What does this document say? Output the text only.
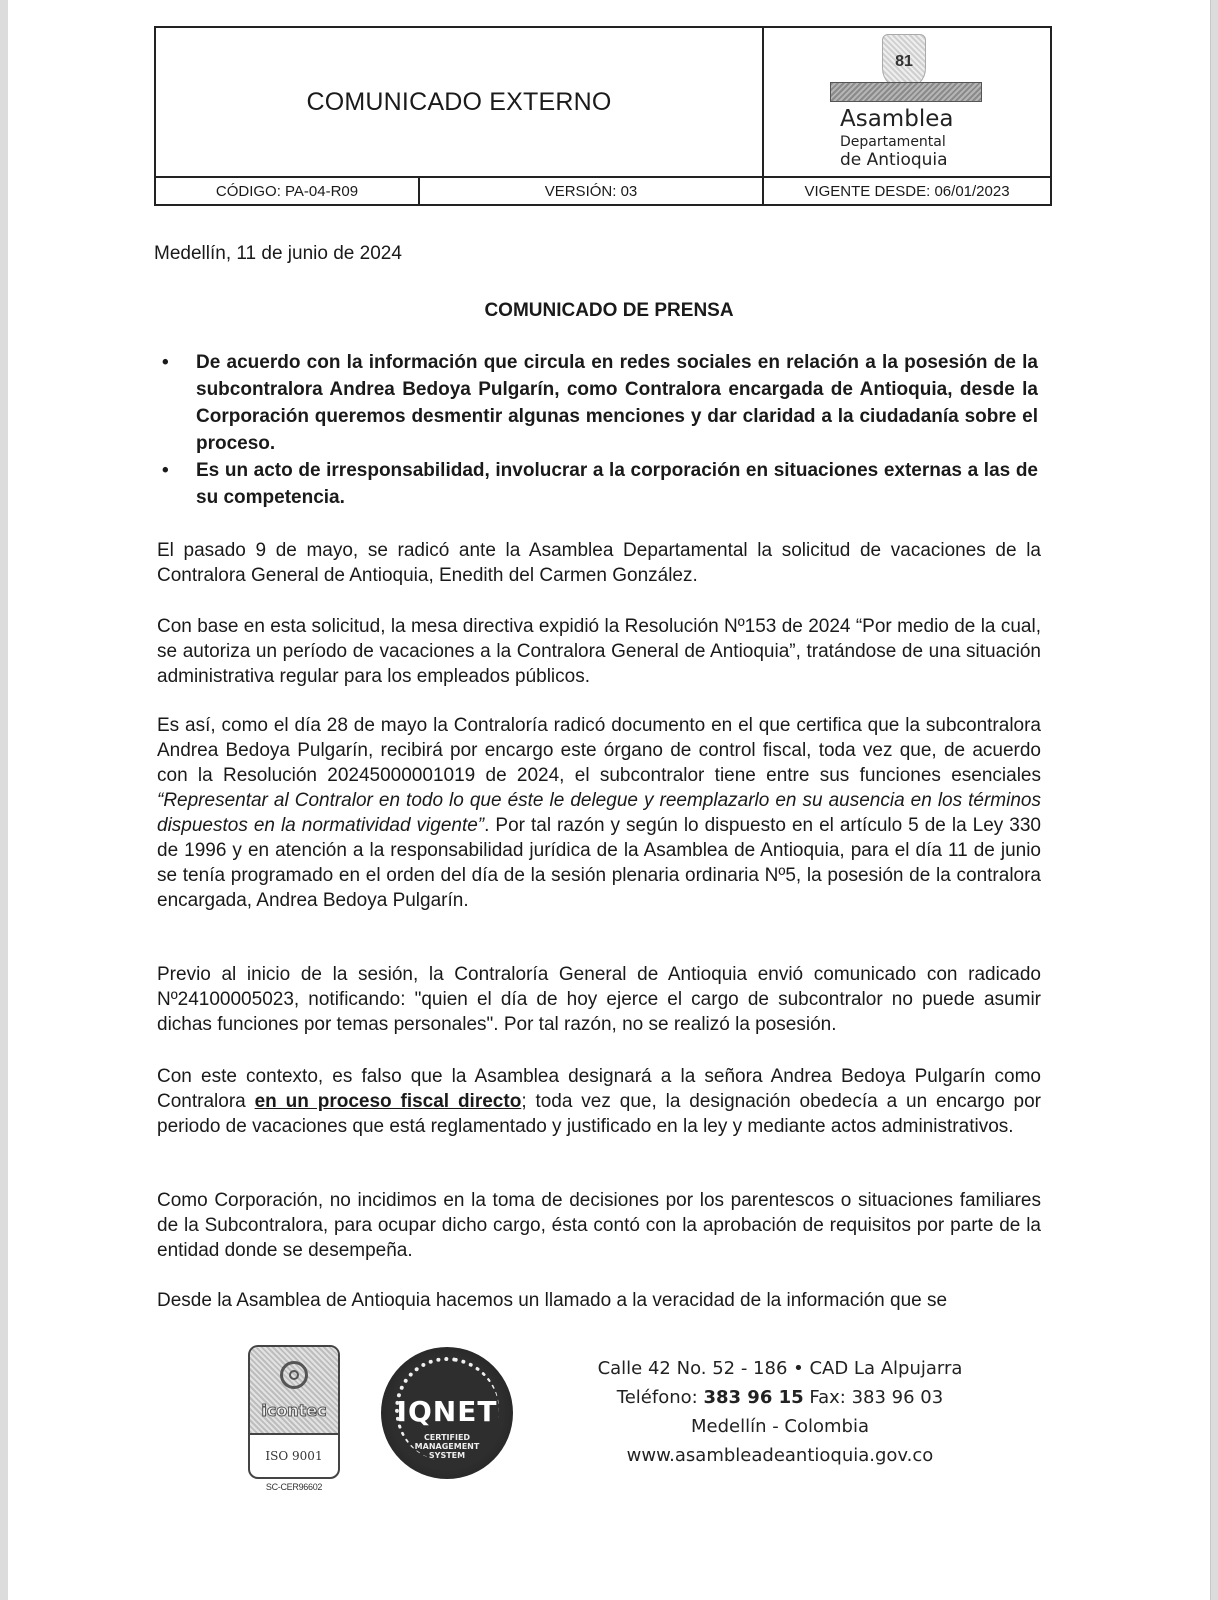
COMUNICADO EXTERNO
81
Asamblea
Departamental
de Antioquia
CÓDIGO: PA-04-R09	VERSIÓN: 03	VIGENTE DESDE: 06/01/2023
Medellín, 11 de junio de 2024
COMUNICADO DE PRENSA
• De acuerdo con la información que circula en redes sociales en relación a la posesión de la subcontralora Andrea Bedoya Pulgarín, como Contralora encargada de Antioquia, desde la Corporación queremos desmentir algunas menciones y dar claridad a la ciudadanía sobre el proceso.
• Es un acto de irresponsabilidad, involucrar a la corporación en situaciones externas a las de su competencia.

El pasado 9 de mayo, se radicó ante la Asamblea Departamental la solicitud de vacaciones de la Contralora General de Antioquia, Enedith del Carmen González.

Con base en esta solicitud, la mesa directiva expidió la Resolución Nº153 de 2024 “Por medio de la cual, se autoriza un período de vacaciones a la Contralora General de Antioquia”, tratándose de una situación administrativa regular para los empleados públicos.

Es así, como el día 28 de mayo la Contraloría radicó documento en el que certifica que la subcontralora Andrea Bedoya Pulgarín, recibirá por encargo este órgano de control fiscal, toda vez que, de acuerdo con la Resolución 20245000001019 de 2024, el subcontralor tiene entre sus funciones esenciales “Representar al Contralor en todo lo que éste le delegue y reemplazarlo en su ausencia en los términos dispuestos en la normatividad vigente”. Por tal razón y según lo dispuesto en el artículo 5 de la Ley 330 de 1996 y en atención a la responsabilidad jurídica de la Asamblea de Antioquia, para el día 11 de junio se tenía programado en el orden del día de la sesión plenaria ordinaria Nº5, la posesión de la contralora encargada, Andrea Bedoya Pulgarín.

Previo al inicio de la sesión, la Contraloría General de Antioquia envió comunicado con radicado Nº24100005023, notificando: "quien el día de hoy ejerce el cargo de subcontralor no puede asumir dichas funciones por temas personales". Por tal razón, no se realizó la posesión.

Con este contexto, es falso que la Asamblea designará a la señora Andrea Bedoya Pulgarín como Contralora en un proceso fiscal directo; toda vez que, la designación obedecía a un encargo por periodo de vacaciones que está reglamentado y justificado en la ley y mediante actos administrativos.

Como Corporación, no incidimos en la toma de decisiones por los parentescos o situaciones familiares de la Subcontralora, para ocupar dicho cargo, ésta contó con la aprobación de requisitos por parte de la entidad donde se desempeña.

Desde la Asamblea de Antioquia hacemos un llamado a la veracidad de la información que se

icontec
ISO 9001
SC-CER96602
IQNET
CERTIFIED
MANAGEMENT
SYSTEM
Calle 42 No. 52 - 186 • CAD La Alpujarra
Teléfono: 383 96 15 Fax: 383 96 03
Medellín - Colombia
www.asambleadeantioquia.gov.co
